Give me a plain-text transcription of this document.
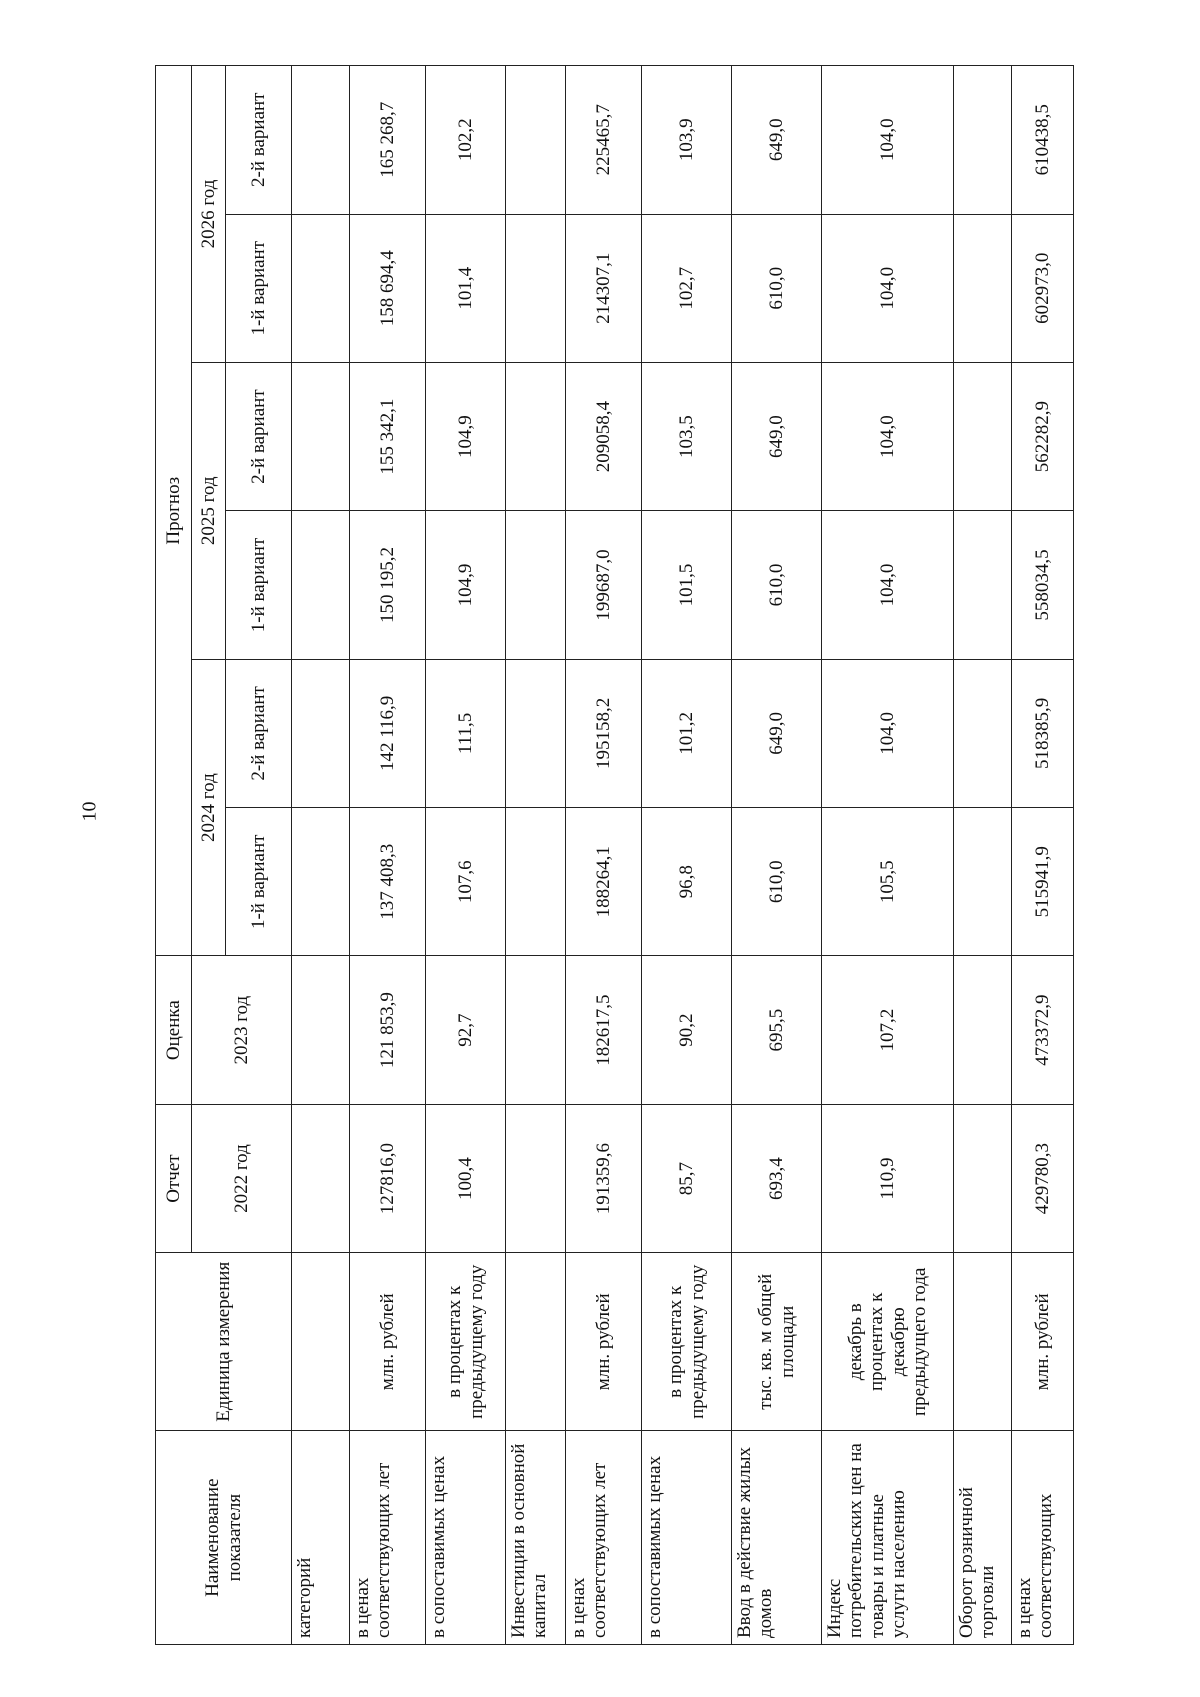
10
Наименование показателя	Единица измерения	Отчет	Оценка	Прогноз					
		2022 год	2023 год	2024 год		2025 год		2026 год	
				1-й вариант	2-й вариант	1-й вариант	2-й вариант	1-й вариант	2-й вариант
категорий									
в ценах соответствующих лет	млн. рублей	127816,0	121 853,9	137 408,3	142 116,9	150 195,2	155 342,1	158 694,4	165 268,7
в сопоставимых ценах	в процентах к предыдущему году	100,4	92,7	107,6	111,5	104,9	104,9	101,4	102,2
Инвестиции в основной капитал									
в ценах соответствующих лет	млн. рублей	191359,6	182617,5	188264,1	195158,2	199687,0	209058,4	214307,1	225465,7
в сопоставимых ценах	в процентах к предыдущему году	85,7	90,2	96,8	101,2	101,5	103,5	102,7	103,9
Ввод в действие жилых домов	тыс. кв. м общей площади	693,4	695,5	610,0	649,0	610,0	649,0	610,0	649,0
Индекс потребительских цен на товары и платные услуги населению	декабрь в процентах к декабрю предыдущего года	110,9	107,2	105,5	104,0	104,0	104,0	104,0	104,0
Оборот розничной торговли									
в ценах соответствующих	млн. рублей	429780,3	473372,9	515941,9	518385,9	558034,5	562282,9	602973,0	610438,5
